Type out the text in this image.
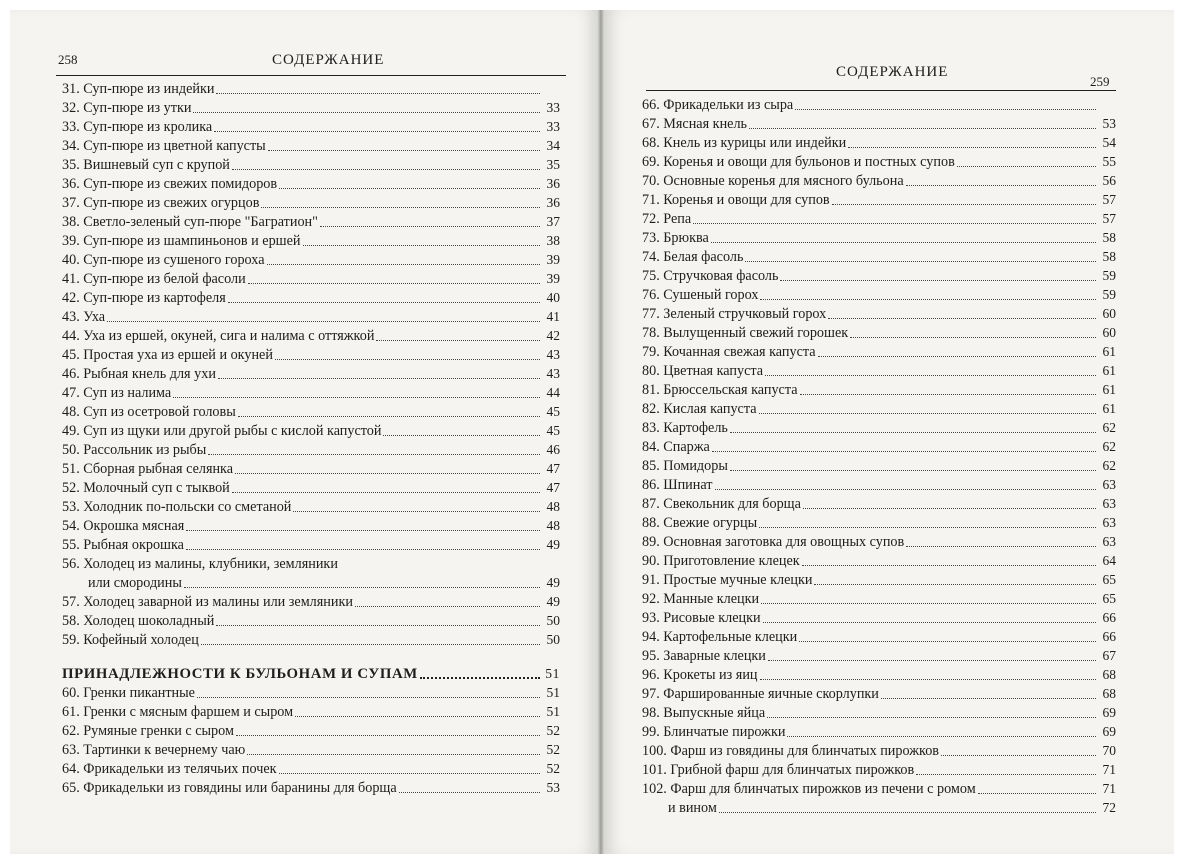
258	СОДЕРЖАНИЕ
31. Суп-пюре из индейки
32. Суп-пюре из утки	33
33. Суп-пюре из кролика	33
34. Суп-пюре из цветной капусты	34
35. Вишневый суп с крупой	35
36. Суп-пюре из свежих помидоров	36
37. Суп-пюре из свежих огурцов	36
38. Светло-зеленый суп-пюре "Багратион"	37
39. Суп-пюре из шампиньонов и ершей	38
40. Суп-пюре из сушеного гороха	39
41. Суп-пюре из белой фасоли	39
42. Суп-пюре из картофеля	40
43. Уха	41
44. Уха из ершей, окуней, сига и налима с оттяжкой	42
45. Простая уха из ершей и окуней	43
46. Рыбная кнель для ухи	43
47. Суп из налима	44
48. Суп из осетровой головы	45
49. Суп из щуки или другой рыбы с кислой капустой	45
50. Рассольник из рыбы	46
51. Сборная рыбная селянка	47
52. Молочный суп с тыквой	47
53. Холодник по-польски со сметаной	48
54. Окрошка мясная	48
55. Рыбная окрошка	49
56. Холодец из малины, клубники, земляники
или смородины	49
57. Холодец заварной из малины или земляники	49
58. Холодец шоколадный	50
59. Кофейный холодец	50
ПРИНАДЛЕЖНОСТИ К БУЛЬОНАМ И СУПАМ	51
60. Гренки пикантные	51
61. Гренки с мясным фаршем и сыром	51
62. Румяные гренки с сыром	52
63. Тартинки к вечернему чаю	52
64. Фрикадельки из телячьих почек	52
65. Фрикадельки из говядины или баранины для борща	53
СОДЕРЖАНИЕ
259
66. Фрикадельки из сыра
67. Мясная кнель	53
68. Кнель из курицы или индейки	54
69. Коренья и овощи для бульонов и постных супов	55
70. Основные коренья для мясного бульона	56
71. Коренья и овощи для супов	57
72. Репа	57
73. Брюква	58
74. Белая фасоль	58
75. Стручковая фасоль	59
76. Сушеный горох	59
77. Зеленый стручковый горох	60
78. Вылущенный свежий горошек	60
79. Кочанная свежая капуста	61
80. Цветная капуста	61
81. Брюссельская капуста	61
82. Кислая капуста	61
83. Картофель	62
84. Спаржа	62
85. Помидоры	62
86. Шпинат	63
87. Свекольник для борща	63
88. Свежие огурцы	63
89. Основная заготовка для овощных супов	63
90. Приготовление клецек	64
91. Простые мучные клецки	65
92. Манные клецки	65
93. Рисовые клецки	66
94. Картофельные клецки	66
95. Заварные клецки	67
96. Крокеты из яиц	68
97. Фаршированные яичные скорлупки	68
98. Выпускные яйца	69
99. Блинчатые пирожки	69
100. Фарш из говядины для блинчатых пирожков	70
101. Грибной фарш для блинчатых пирожков	71
102. Фарш для блинчатых пирожков из печени с ромом	71
и вином	72
